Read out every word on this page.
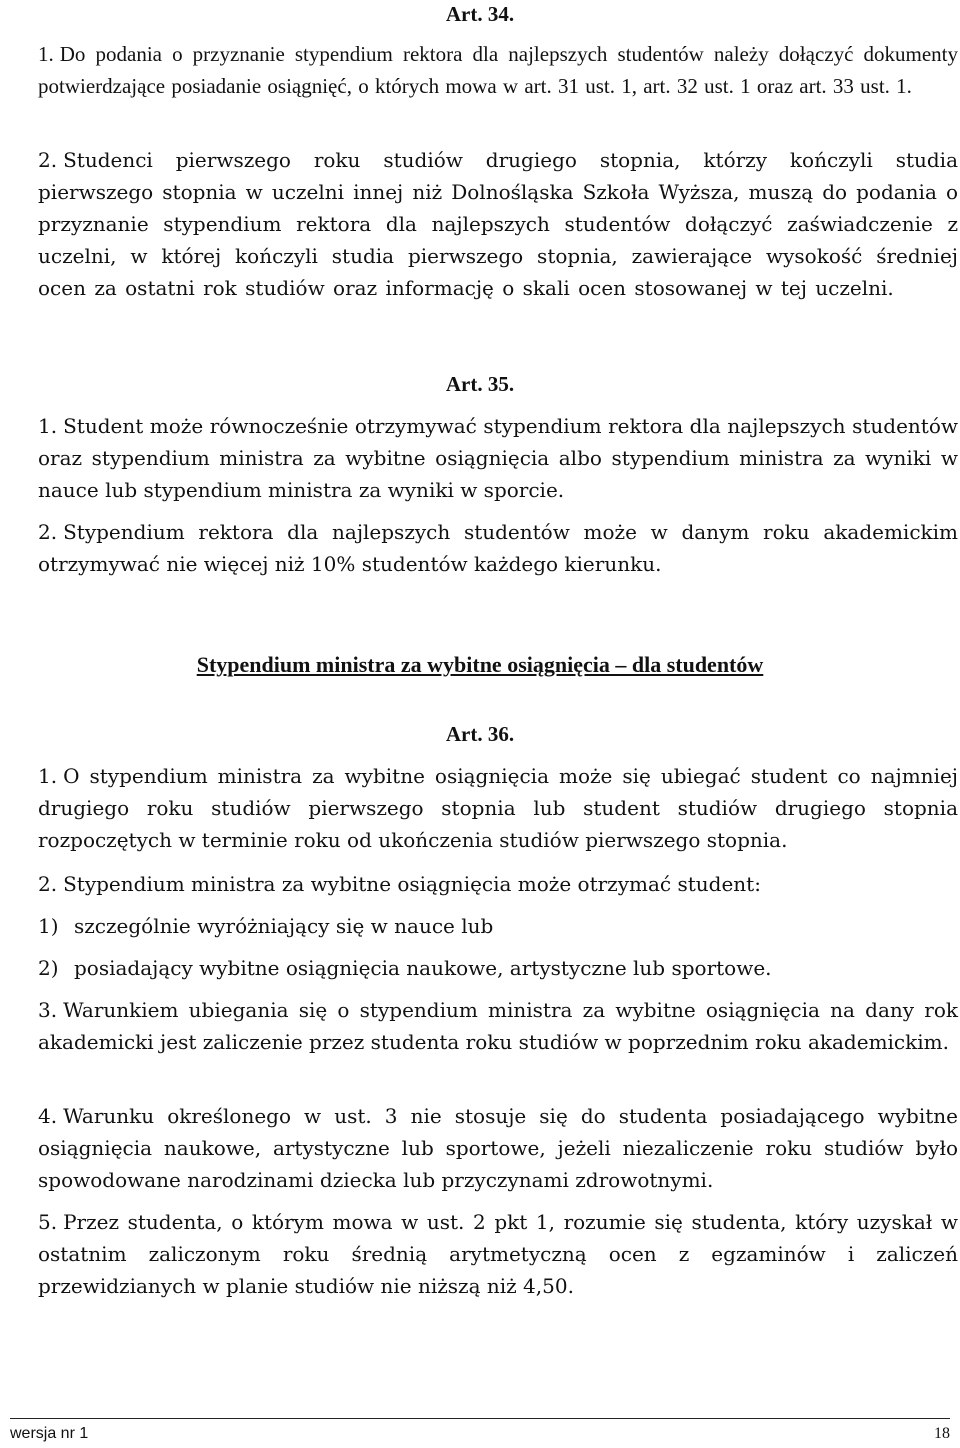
Art. 34.
1. Do podania o przyznanie stypendium rektora dla najlepszych studentów należy dołączyć dokumenty potwierdzające posiadanie osiągnięć, o których mowa w art. 31 ust. 1, art. 32 ust. 1 oraz art. 33 ust. 1.
2. Studenci pierwszego roku studiów drugiego stopnia, którzy kończyli studia pierwszego stopnia w uczelni innej niż Dolnośląska Szkoła Wyższa, muszą do podania o przyznanie stypendium rektora dla najlepszych studentów dołączyć zaświadczenie z uczelni, w której kończyli studia pierwszego stopnia, zawierające wysokość średniej ocen za ostatni rok studiów oraz informację o skali ocen stosowanej w tej uczelni.
Art. 35.
1. Student może równocześnie otrzymywać stypendium rektora dla najlepszych studentów oraz stypendium ministra za wybitne osiągnięcia albo stypendium ministra za wyniki w nauce lub stypendium ministra za wyniki w sporcie.
2. Stypendium rektora dla najlepszych studentów może w danym roku akademickim otrzymywać nie więcej niż 10% studentów każdego kierunku.
Stypendium ministra za wybitne osiągnięcia – dla studentów
Art. 36.
1. O stypendium ministra za wybitne osiągnięcia może się ubiegać student co najmniej drugiego roku studiów pierwszego stopnia lub student studiów drugiego stopnia rozpoczętych w terminie roku od ukończenia studiów pierwszego stopnia.
2. Stypendium ministra za wybitne osiągnięcia może otrzymać student:
1) szczególnie wyróżniający się w nauce lub
2) posiadający wybitne osiągnięcia naukowe, artystyczne lub sportowe.
3. Warunkiem ubiegania się o stypendium ministra za wybitne osiągnięcia na dany rok akademicki jest zaliczenie przez studenta roku studiów w poprzednim roku akademickim.
4. Warunku określonego w ust. 3 nie stosuje się do studenta posiadającego wybitne osiągnięcia naukowe, artystyczne lub sportowe, jeżeli niezaliczenie roku studiów było spowodowane narodzinami dziecka lub przyczynami zdrowotnymi.
5. Przez studenta, o którym mowa w ust. 2 pkt 1, rozumie się studenta, który uzyskał w ostatnim zaliczonym roku średnią arytmetyczną ocen z egzaminów i zaliczeń przewidzianych w planie studiów nie niższą niż 4,50.
wersja nr 1	18
